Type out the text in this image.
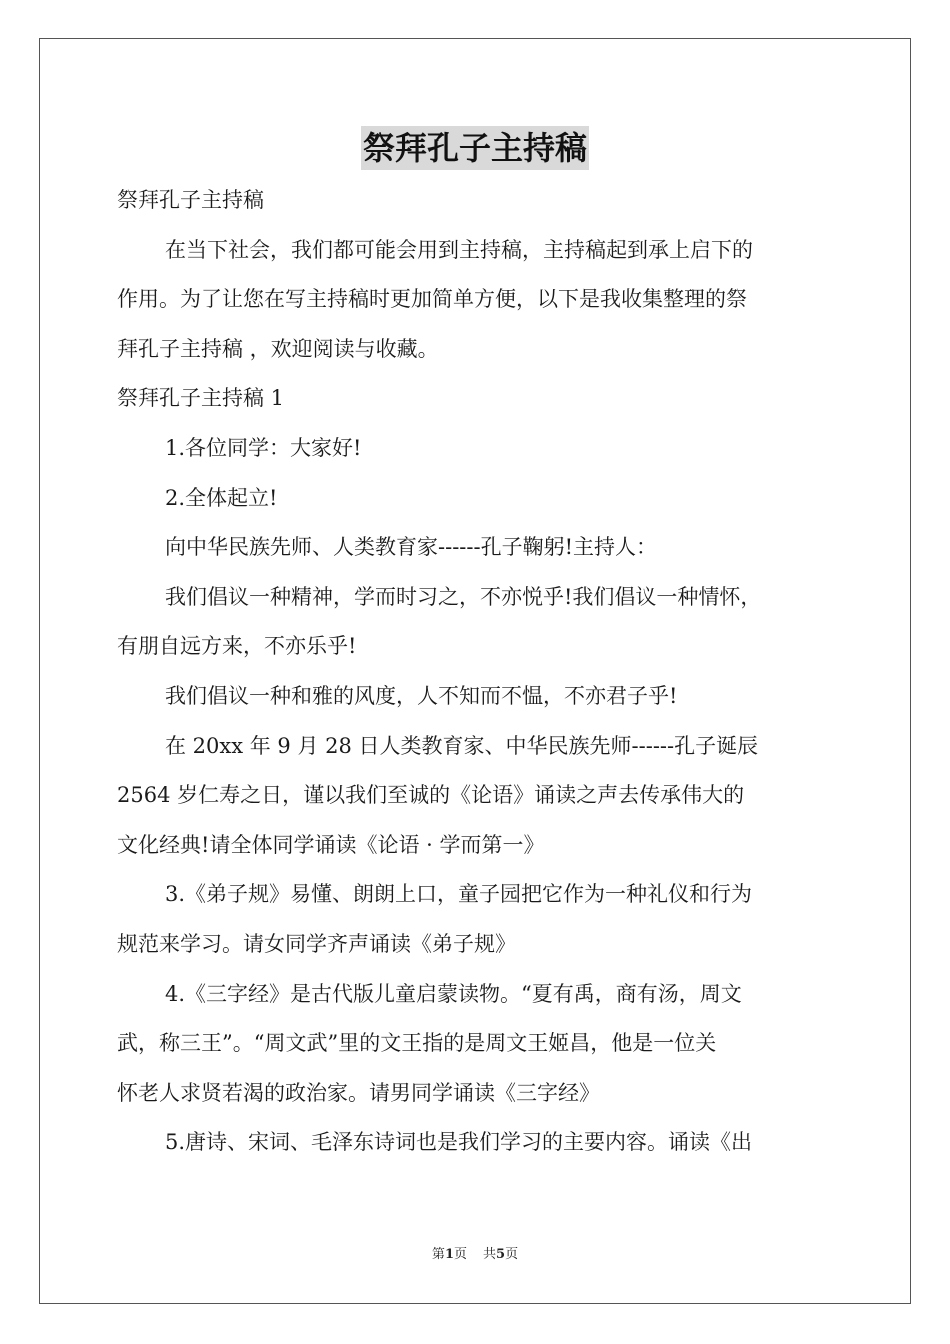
祭拜孔子主持稿

祭拜孔子主持稿

在当下社会，我们都可能会用到主持稿，主持稿起到承上启下的

作用。为了让您在写主持稿时更加简单方便，以下是我收集整理的祭

拜孔子主持稿 ，欢迎阅读与收藏。

祭拜孔子主持稿 1

1.各位同学：大家好!

2.全体起立!

向中华民族先师、人类教育家------孔子鞠躬!主持人：

我们倡议一种精神，学而时习之，不亦悦乎!我们倡议一种情怀，

有朋自远方来，不亦乐乎!

我们倡议一种和雅的风度，人不知而不愠，不亦君子乎!

在 20xx 年 9 月 28 日人类教育家、中华民族先师------孔子诞辰

2564 岁仁寿之日，谨以我们至诚的《论语》诵读之声去传承伟大的

文化经典!请全体同学诵读《论语 · 学而第一》

3.《弟子规》易懂、朗朗上口，童子园把它作为一种礼仪和行为

规范来学习。请女同学齐声诵读《弟子规》

4.《三字经》是古代版儿童启蒙读物。“夏有禹，商有汤，周文

武，称三王”。“周文武”里的文王指的是周文王姬昌，他是一位关

怀老人求贤若渴的政治家。请男同学诵读《三字经》

5.唐诗、宋词、毛泽东诗词也是我们学习的主要内容。诵读《出

第1页 共5页
